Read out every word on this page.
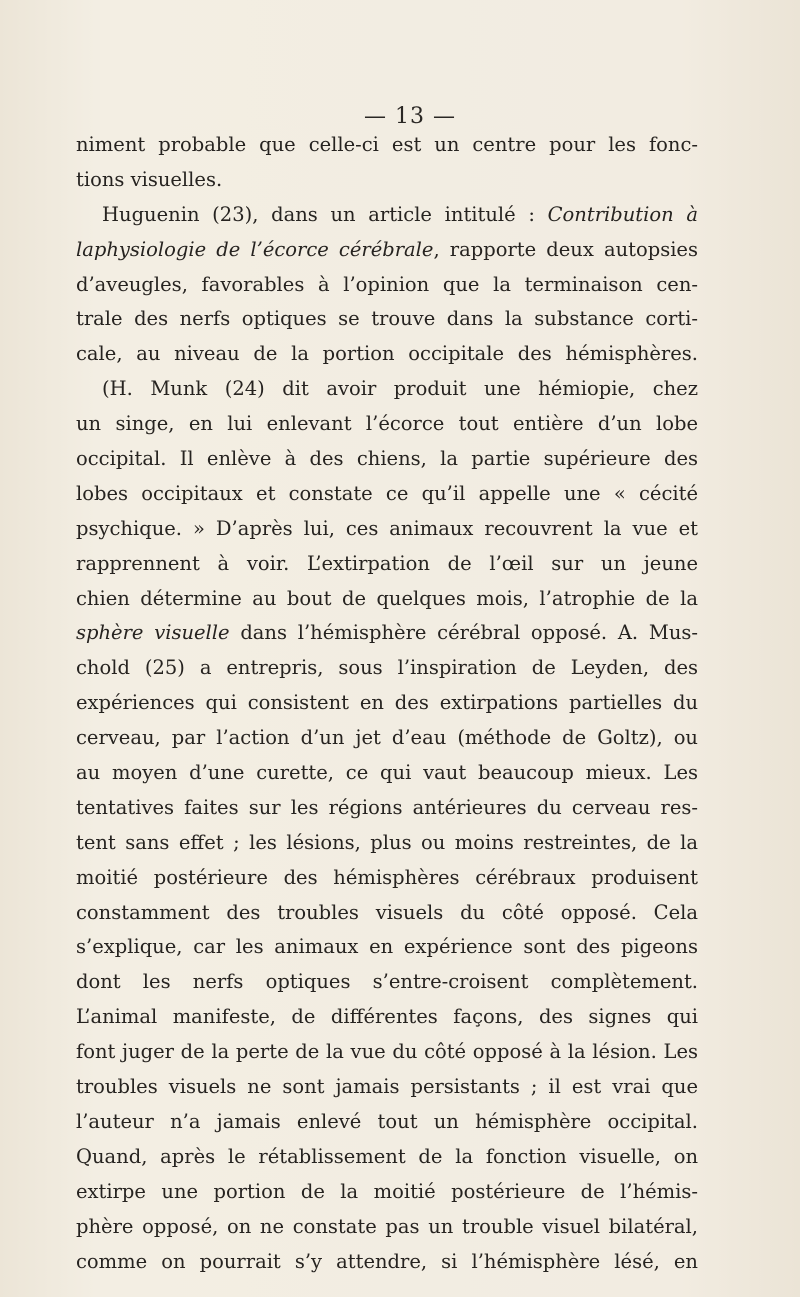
— 13 —
niment probable que celle-ci est un centre pour les fonc-
tions visuelles.
Huguenin (23), dans un article intitulé : Contribution à
laphysiologie de l’écorce cérébrale, rapporte deux autopsies
d’aveugles, favorables à l’opinion que la terminaison cen-
trale des nerfs optiques se trouve dans la substance corti-
cale, au niveau de la portion occipitale des hémisphères.
(H. Munk (24) dit avoir produit une hémiopie, chez
un singe, en lui enlevant l’écorce tout entière d’un lobe
occipital. Il enlève à des chiens, la partie supérieure des
lobes occipitaux et constate ce qu’il appelle une « cécité
psychique. » D’après lui, ces animaux recouvrent la vue et
rapprennent à voir. L’extirpation de l’œil sur un jeune
chien détermine au bout de quelques mois, l’atrophie de la
sphère visuelle dans l’hémisphère cérébral opposé. A. Mus-
chold (25) a entrepris, sous l’inspiration de Leyden, des
expériences qui consistent en des extirpations partielles du
cerveau, par l’action d’un jet d’eau (méthode de Goltz), ou
au moyen d’une curette, ce qui vaut beaucoup mieux. Les
tentatives faites sur les régions antérieures du cerveau res-
tent sans effet ; les lésions, plus ou moins restreintes, de la
moitié postérieure des hémisphères cérébraux produisent
constamment des troubles visuels du côté opposé. Cela
s’explique, car les animaux en expérience sont des pigeons
dont les nerfs optiques s’entre-croisent complètement.
L’animal manifeste, de différentes façons, des signes qui
font juger de la perte de la vue du côté opposé à la lésion. Les
troubles visuels ne sont jamais persistants ; il est vrai que
l’auteur n’a jamais enlevé tout un hémisphère occipital.
Quand, après le rétablissement de la fonction visuelle, on
extirpe une portion de la moitié postérieure de l’hémis-
phère opposé, on ne constate pas un trouble visuel bilatéral,
comme on pourrait s’y attendre, si l’hémisphère lésé, en
